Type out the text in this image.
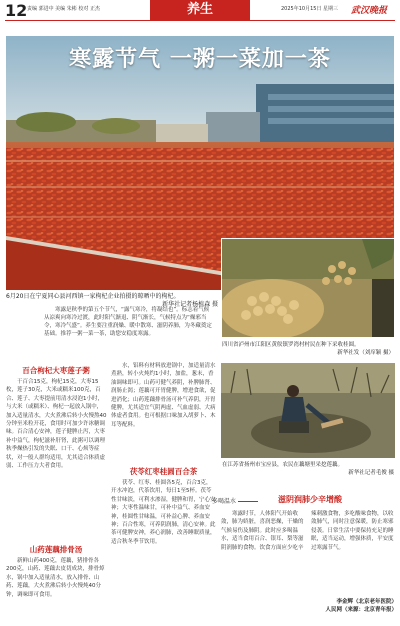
12 责编 郭进中 美编 朱彬 校对 正杰	养生	2025年10月15日 星期三 武汉晚报
寒露节气 一粥一菜加一茶
6月20日在宁夏同心县河西镇一家枸杞企业拍摄的晾晒中的枸杞。
新华社记者杨植森 摄
四川省泸州市江阳区黄舣镇罗湾村村民在种下采收桂圆。
新华社发（刘庠颖 摄）
寒露是秋季的第五个节气，“露气寒冷，将凝结也”。标志着气候从凉爽向寒冷过渡，此时阳气渐退、阴气渐长，气候特点为“燥邪当令，寒冷气盛”。养生要注重润燥、暖中散寒、滋阴养肺，为冬藏奠定基础。推荐一粥一菜一茶，助您安稳度寒露。
百合枸杞大枣莲子粥
干百合15克，枸杞15克，大枣15枚，莲子30克，大米或糯米100克，百合、莲子、大枣提前用清水浸泡1小时，与大米（或糯米）、枸杞一起放入锅中，加入适量清水，大火煮沸后转小火慢熬40分钟至米粒开花，食用时可加少许冰糖调味。百合清心安神，莲子健脾止泻，大枣补中益气，枸杞滋补肝肾，此粥可以调理秋季燥热引发的失眠、口干、心烦等症状，对一般人群均适用，尤其适合体质虚弱、工作压力大者食用。
山药莲藕排骨汤
新鲜山药400克，莲藕，猪排骨各200克，山药、莲藕去皮切成块，排骨焯水，锅中加入适量清水，放入排骨、山药、莲藕，大火煮沸后转小火慢炖40分钟，调味即可食用。
水，铝料有材料放进锅中，加适量清水煮熟，转小火炖约1小时，加盐，葱末，香油调味即可。山药可健气养阴，补脾肺肾、润肠止渴；莲藕可开胃健脾，增进食欲，促进消化；山药莲藕排骨汤可补气养阴，开胃健脾，尤其适宜气阴两虚、气血虚弱、大病体虚者食用。也可根据口味加入胡萝卜、木耳等配料。
茯苓红枣桂圆百合茶
茯苓、红枣、桂圆各5克，百合3克，开水冲泡，代茶饮用，每日1至5杯。茯苓性甘味淡，可利水渗湿，健脾和胃，宁心安神；大枣性温味甘，可补中益气、养血安神，桂圆性甘味温，可补益心脾、养血安神；百合性寒，可养阴润肺，清心安神。此茶可健脾安神，养心润肺，改善睡眠质量，适合秋冬季节饮用。
在江苏省扬州市宝应县，农民在藕塘里采挖莲藕。
新华社记者毛俊 摄
多喝温水	滋阴润肺少辛增酸
寒露时节，人体阳气开始收敛，肺为娇脏，喜润恶燥，干燥的气候易伤及肺阴。此时应多喝温水，适当食用百合、银耳、梨等滋阴润肺的食物。饮食方面应少吃辛辣刺激食物，多吃酸味食物，以收敛肺气，同时注意保暖，防止寒邪侵袭。日常生活中要保持充足的睡眠，适当运动，增强体质，平安度过寒露节气。
李金辉（北京老年医院）
人民网（来源：北京青年报）
